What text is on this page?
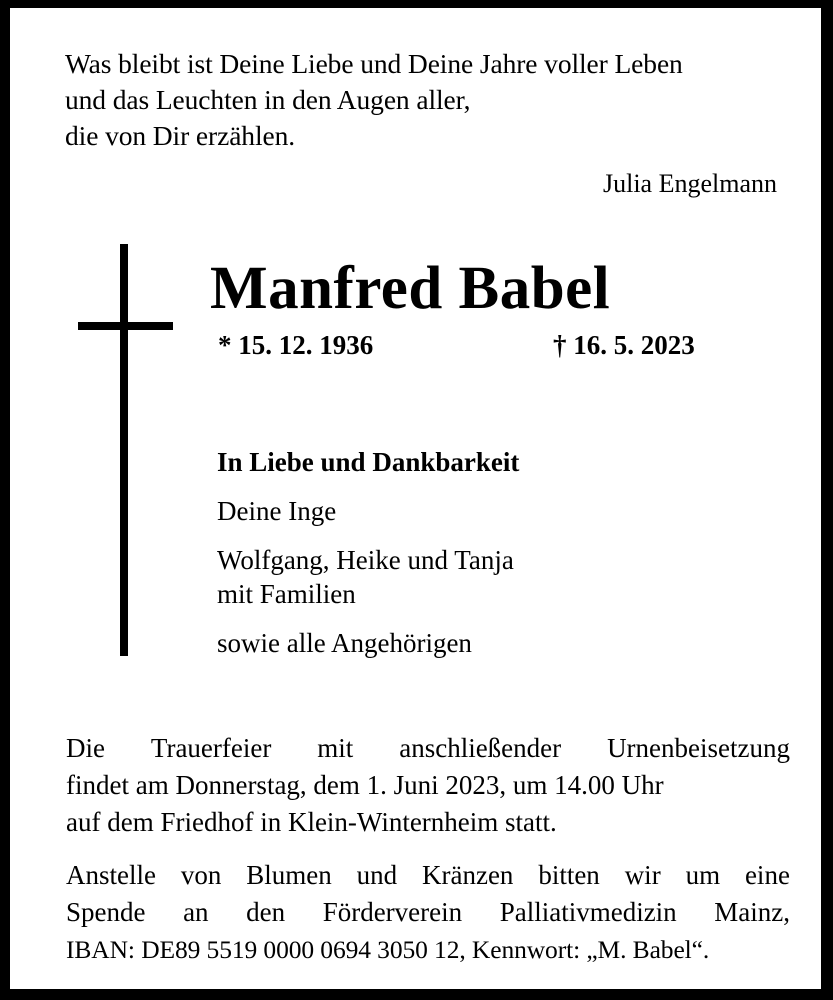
Was bleibt ist Deine Liebe und Deine Jahre voller Leben
und das Leuchten in den Augen aller,
die von Dir erzählen.
Julia Engelmann
Manfred Babel
* 15. 12. 1936	† 16. 5. 2023
In Liebe und Dankbarkeit
Deine Inge
Wolfgang, Heike und Tanja
mit Familien
sowie alle Angehörigen
Die Trauerfeier mit anschließender Urnenbeisetzung
findet am Donnerstag, dem 1. Juni 2023, um 14.00 Uhr
auf dem Friedhof in Klein-Winternheim statt.
Anstelle von Blumen und Kränzen bitten wir um eine
Spende an den Förderverein Palliativmedizin Mainz,
IBAN: DE89 5519 0000 0694 3050 12, Kennwort: „M. Babel“.
